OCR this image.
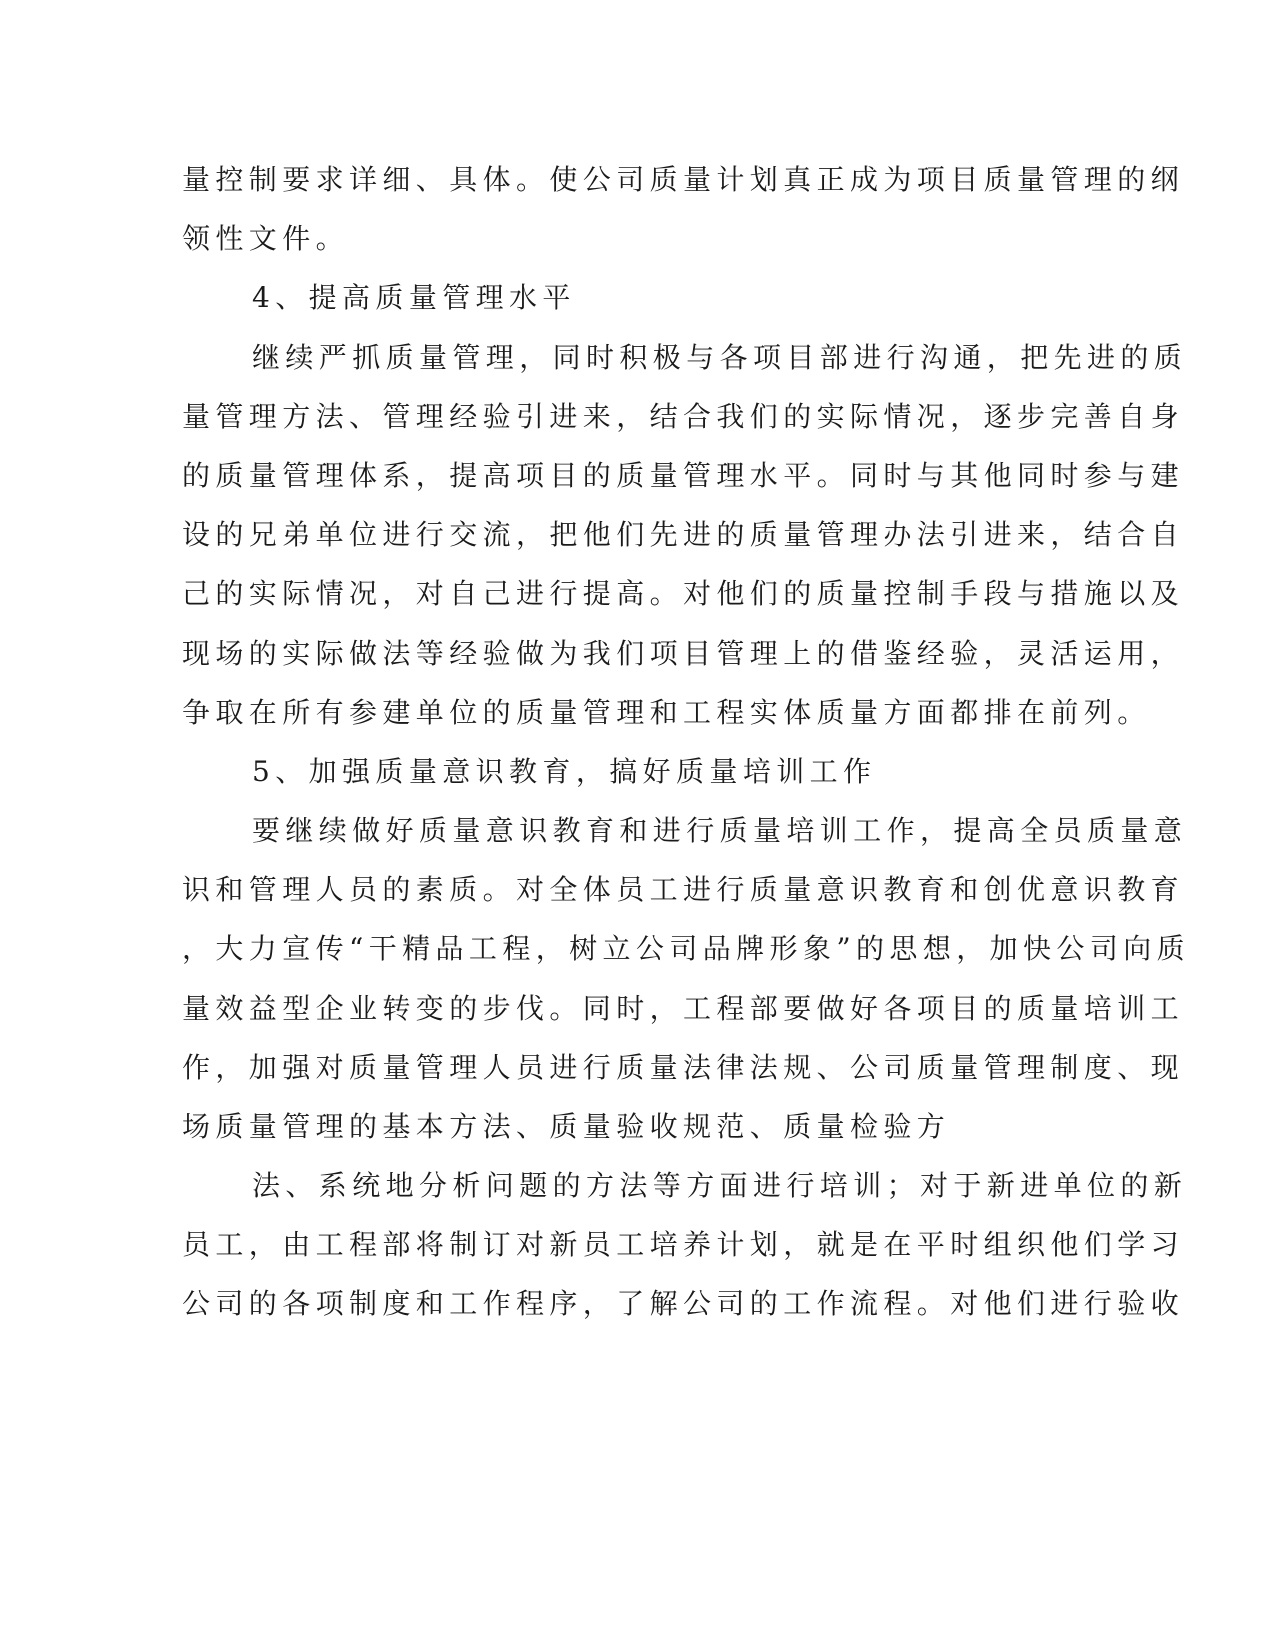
量控制要求详细、具体。使公司质量计划真正成为项目质量管理的纲
领性文件。
4、提高质量管理水平
继续严抓质量管理，同时积极与各项目部进行沟通，把先进的质
量管理方法、管理经验引进来，结合我们的实际情况，逐步完善自身
的质量管理体系，提高项目的质量管理水平。同时与其他同时参与建
设的兄弟单位进行交流，把他们先进的质量管理办法引进来，结合自
己的实际情况，对自己进行提高。对他们的质量控制手段与措施以及
现场的实际做法等经验做为我们项目管理上的借鉴经验，灵活运用，
争取在所有参建单位的质量管理和工程实体质量方面都排在前列。
5、加强质量意识教育，搞好质量培训工作
要继续做好质量意识教育和进行质量培训工作，提高全员质量意
识和管理人员的素质。对全体员工进行质量意识教育和创优意识教育
，大力宣传“干精品工程，树立公司品牌形象”的思想，加快公司向质
量效益型企业转变的步伐。同时，工程部要做好各项目的质量培训工
作，加强对质量管理人员进行质量法律法规、公司质量管理制度、现
场质量管理的基本方法、质量验收规范、质量检验方
法、系统地分析问题的方法等方面进行培训；对于新进单位的新
员工，由工程部将制订对新员工培养计划，就是在平时组织他们学习
公司的各项制度和工作程序，了解公司的工作流程。对他们进行验收
